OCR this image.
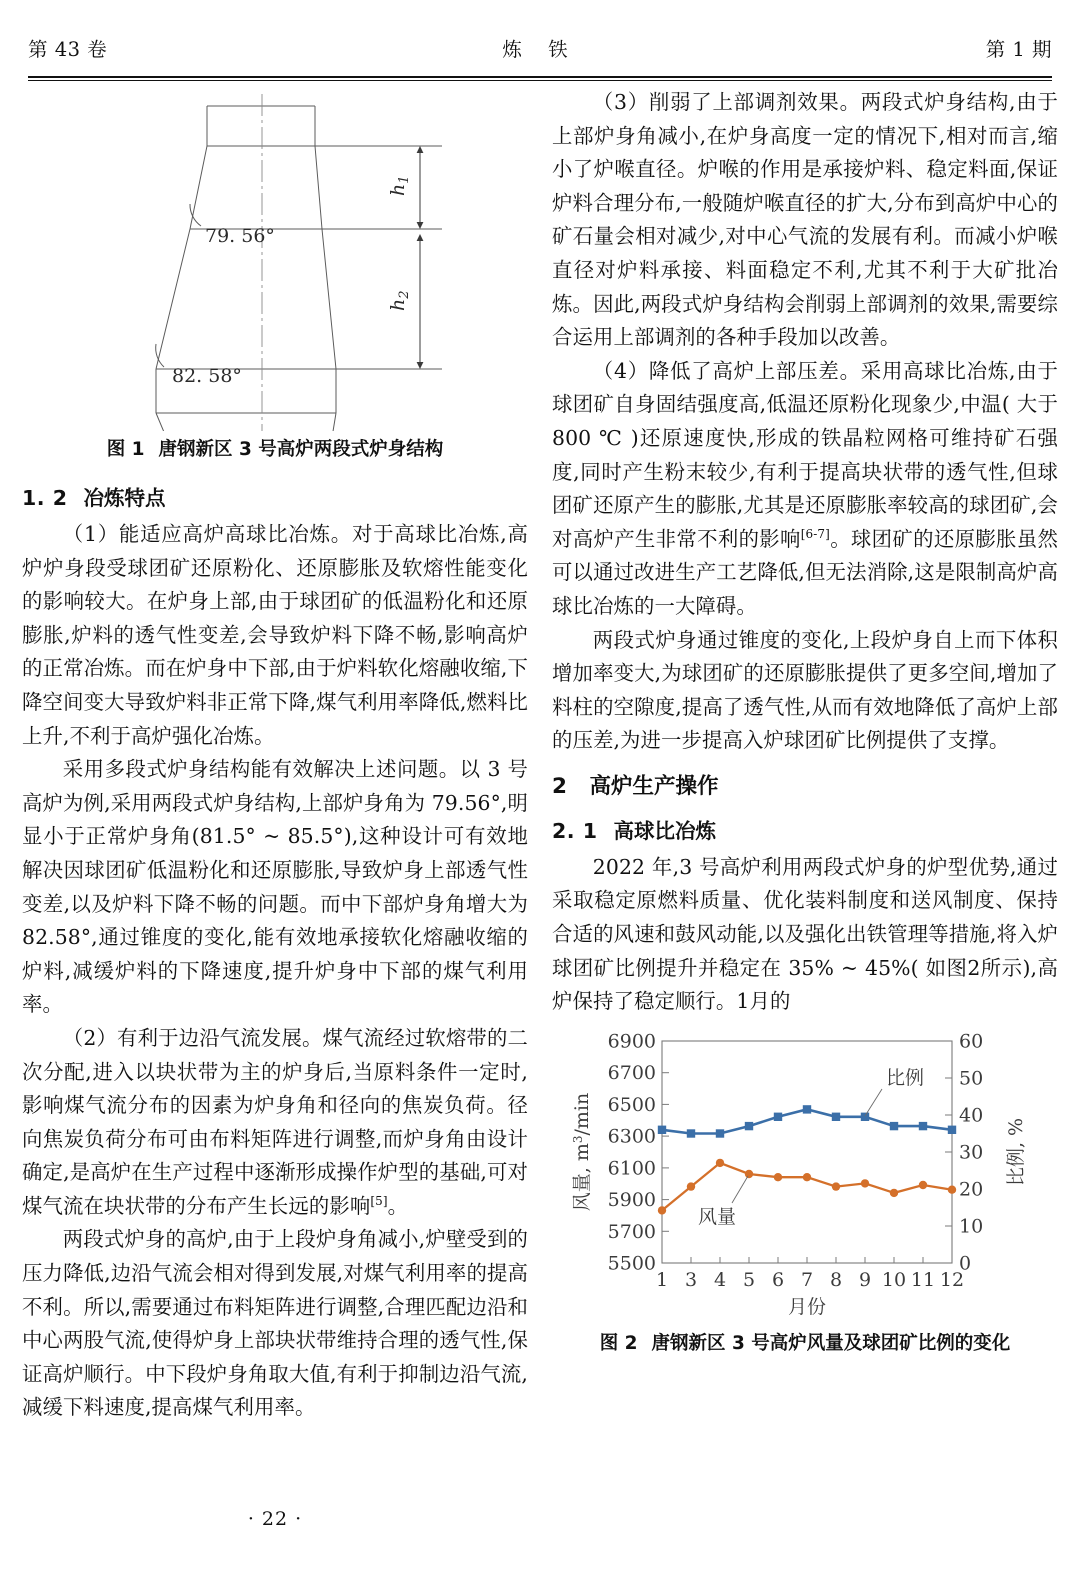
第 43 卷	炼 铁	第 1 期
79. 56°
82. 58°
$h_1$
$h_2$

图 1 唐钢新区 3 号高炉两段式炉身结构

1. 2 冶炼特点

（1）能适应高炉高球比冶炼。对于高球比冶炼,高炉炉身段受球团矿还原粉化、还原膨胀及软熔性能变化的影响较大。在炉身上部,由于球团矿的低温粉化和还原膨胀,炉料的透气性变差,会导致炉料下降不畅,影响高炉的正常冶炼。而在炉身中下部,由于炉料软化熔融收缩,下降空间变大导致炉料非正常下降,煤气利用率降低,燃料比上升,不利于高炉强化冶炼。

采用多段式炉身结构能有效解决上述问题。以 3 号高炉为例,采用两段式炉身结构,上部炉身角为 79.56°,明显小于正常炉身角(81.5° ~ 85.5°),这种设计可有效地解决因球团矿低温粉化和还原膨胀,导致炉身上部透气性变差,以及炉料下降不畅的问题。而中下部炉身角增大为 82.58°,通过锥度的变化,能有效地承接软化熔融收缩的炉料,减缓炉料的下降速度,提升炉身中下部的煤气利用率。

（2）有利于边沿气流发展。煤气流经过软熔带的二次分配,进入以块状带为主的炉身后,当原料条件一定时,影响煤气流分布的因素为炉身角和径向的焦炭负荷。径向焦炭负荷分布可由布料矩阵进行调整,而炉身角由设计确定,是高炉在生产过程中逐渐形成操作炉型的基础,可对煤气流在块状带的分布产生长远的影响[5]。

两段式炉身的高炉,由于上段炉身角减小,炉壁受到的压力降低,边沿气流会相对得到发展,对煤气利用率的提高不利。所以,需要通过布料矩阵进行调整,合理匹配边沿和中心两股气流,使得炉身上部块状带维持合理的透气性,保证高炉顺行。中下段炉身角取大值,有利于抑制边沿气流,减缓下料速度,提高煤气利用率。

（3）削弱了上部调剂效果。两段式炉身结构,由于上部炉身角减小,在炉身高度一定的情况下,相对而言,缩小了炉喉直径。炉喉的作用是承接炉料、稳定料面,保证炉料合理分布,一般随炉喉直径的扩大,分布到高炉中心的矿石量会相对减少,对中心气流的发展有利。而减小炉喉直径对炉料承接、料面稳定不利,尤其不利于大矿批冶炼。因此,两段式炉身结构会削弱上部调剂的效果,需要综合运用上部调剂的各种手段加以改善。

（4）降低了高炉上部压差。采用高球比冶炼,由于球团矿自身固结强度高,低温还原粉化现象少,中温( 大于 800 ℃ )还原速度快,形成的铁晶粒网格可维持矿石强度,同时产生粉末较少,有利于提高块状带的透气性,但球团矿还原产生的膨胀,尤其是还原膨胀率较高的球团矿,会对高炉产生非常不利的影响[6-7]。球团矿的还原膨胀虽然可以通过改进生产工艺降低,但无法消除,这是限制高炉高球比冶炼的一大障碍。

两段式炉身通过锥度的变化,上段炉身自上而下体积增加率变大,为球团矿的还原膨胀提供了更多空间,增加了料柱的空隙度,提高了透气性,从而有效地降低了高炉上部的压差,为进一步提高入炉球团矿比例提供了支撑。

2 高炉生产操作
2. 1 高球比冶炼

2022 年,3 号高炉利用两段式炉身的炉型优势,通过采取稳定原燃料质量、优化装料制度和送风制度、保持合适的风速和鼓风动能,以及强化出铁管理等措施,将入炉球团矿比例提升并稳定在 35% ~ 45%( 如图2所示),高炉保持了稳定顺行。1月的

5500
5700
5900
6100
6300
6500
6700
6900
0
10
20
30
40
50
60
1 3 4 5 6 7 8 9 10 11 12
月份
风量, $m^3/\min$
比例, %
比例
风量

图 2 唐钢新区 3 号高炉风量及球团矿比例的变化

· 22 ·
